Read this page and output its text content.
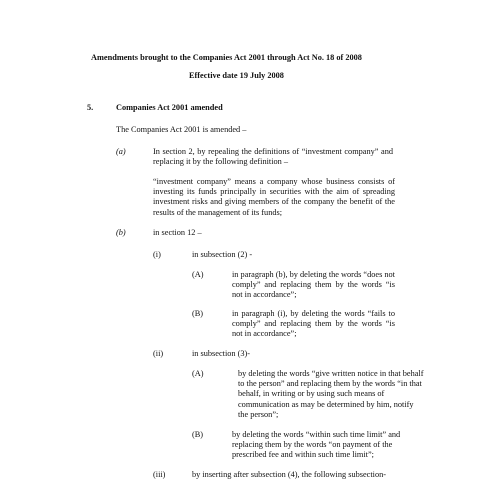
Amendments brought to the Companies Act 2001 through Act No. 18 of 2008

Effective date 19 July 2008

5.	Companies Act 2001 amended

The Companies Act 2001 is amended –

(a)	In section 2, by repealing the definitions of “investment company” and replacing it by the following definition –

“investment company” means a company whose business consists of investing its funds principally in securities with the aim of spreading investment risks and giving members of the company the benefit of the results of the management of its funds;

(b)	in section 12 –

(i)	in subsection (2) -

(A)	in paragraph (b), by deleting the words “does not comply” and replacing them by the words “is not in accordance”;

(B)	in paragraph (i), by deleting the words “fails to comply” and replacing them by the words “is not in accordance”;

(ii)	in subsection (3)-

(A)	by deleting the words “give written notice in that behalf
to the person” and replacing them by the words “in that
behalf, in writing or by using such means of
communication as may be determined by him, notify
the person”;

(B)	by deleting the words “within such time limit” and
replacing them by the words “on payment of the
prescribed fee and within such time limit”;

(iii)	by inserting after subsection (4), the following subsection-
